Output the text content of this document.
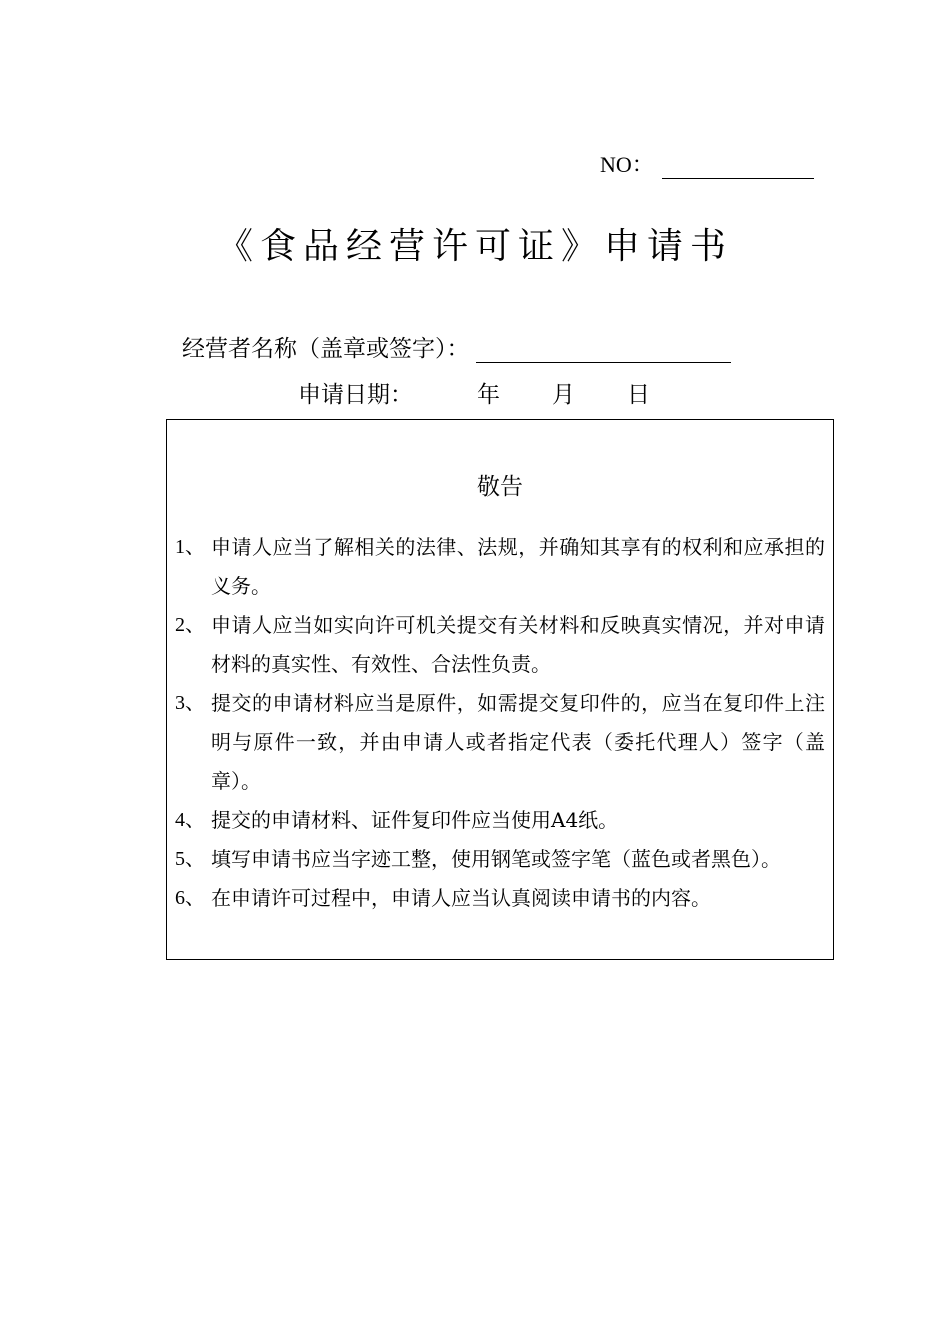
NO：
《食品经营许可证》申请书
经营者名称（盖章或签字）：
申请日期：	年 月 日
敬告
1、 申请人应当了解相关的法律、法规，并确知其享有的权利和应承担的义务。
2、 申请人应当如实向许可机关提交有关材料和反映真实情况，并对申请材料的真实性、有效性、合法性负责。
3、 提交的申请材料应当是原件，如需提交复印件的，应当在复印件上注明与原件一致，并由申请人或者指定代表（委托代理人）签字（盖章）。
4、 提交的申请材料、证件复印件应当使用A4纸。
5、 填写申请书应当字迹工整，使用钢笔或签字笔（蓝色或者黑色）。
6、 在申请许可过程中，申请人应当认真阅读申请书的内容。
